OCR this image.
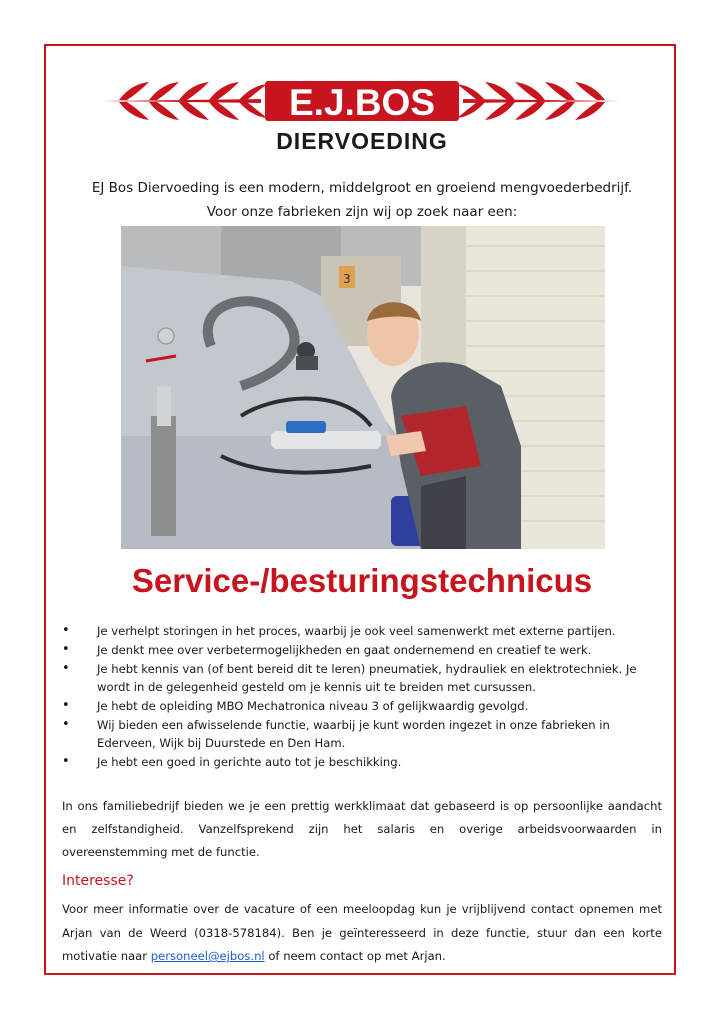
E.J.BOS
DIERVOEDING
EJ Bos Diervoeding is een modern, middelgroot en groeiend mengvoederbedrijf.
Voor onze fabrieken zijn wij op zoek naar een:
3
Service-/besturingstechnicus
• Je verhelpt storingen in het proces, waarbij je ook veel samenwerkt met externe partijen.
• Je denkt mee over verbetermogelijkheden en gaat ondernemend en creatief te werk.
• Je hebt kennis van (of bent bereid dit te leren) pneumatiek, hydrauliek en elektrotechniek. Je wordt in de gelegenheid gesteld om je kennis uit te breiden met cursussen.
• Je hebt de opleiding MBO Mechatronica niveau 3 of gelijkwaardig gevolgd.
• Wij bieden een afwisselende functie, waarbij je kunt worden ingezet in onze fabrieken in Ederveen, Wijk bij Duurstede en Den Ham.
• Je hebt een goed in gerichte auto tot je beschikking.
In ons familiebedrijf bieden we je een prettig werkklimaat dat gebaseerd is op persoonlijke aandacht en zelfstandigheid. Vanzelfsprekend zijn het salaris en overige arbeidsvoorwaarden in overeenstemming met de functie.
Interesse?
Voor meer informatie over de vacature of een meeloopdag kun je vrijblijvend contact opnemen met Arjan van de Weerd (0318-578184). Ben je geïnteresseerd in deze functie, stuur dan een korte motivatie naar personeel@ejbos.nl of neem contact op met Arjan.
